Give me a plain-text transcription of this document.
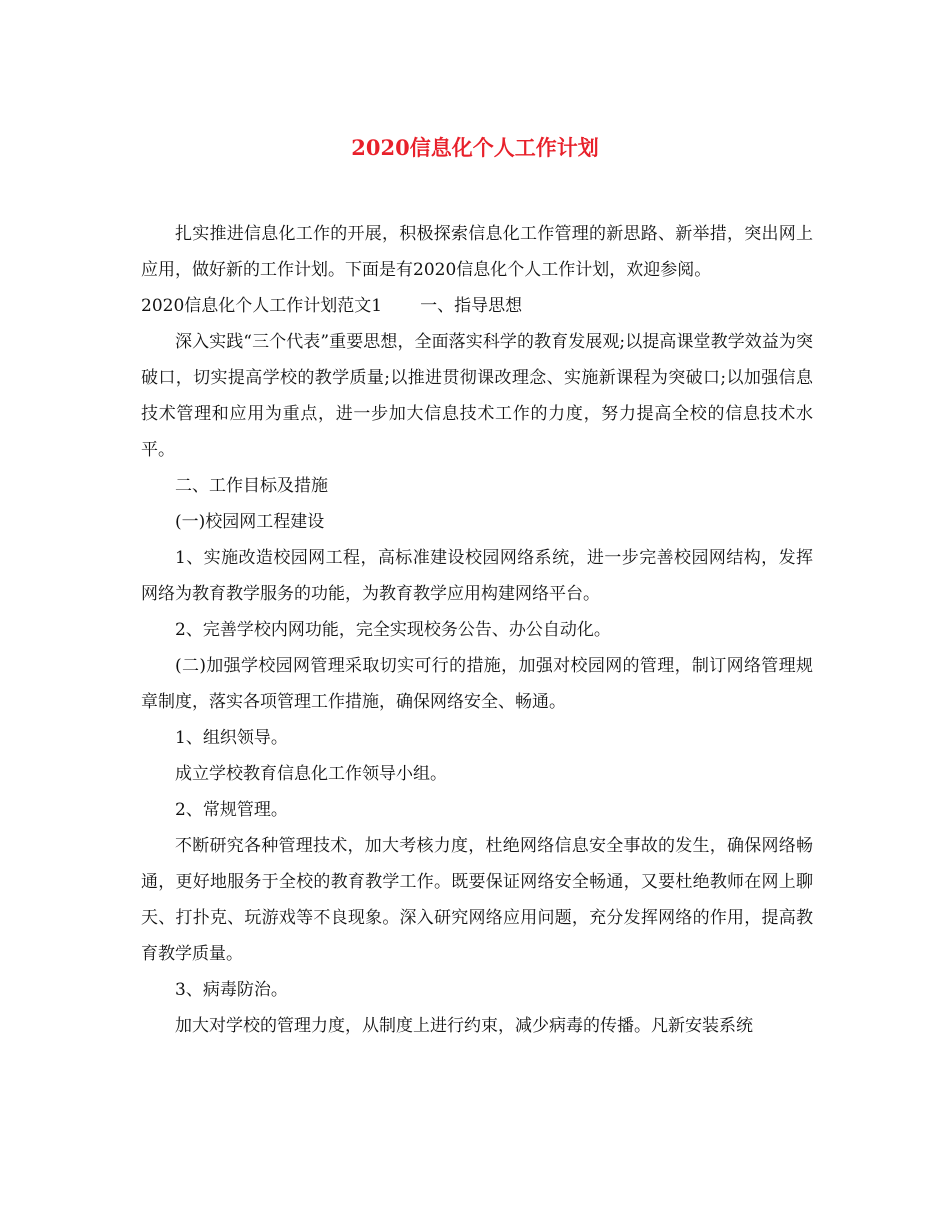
2020信息化个人工作计划

扎实推进信息化工作的开展，积极探索信息化工作管理的新思路、新举措，突出网上应用，做好新的工作计划。下面是有2020信息化个人工作计划，欢迎参阅。

2020信息化个人工作计划范文1 一、指导思想

深入实践“三个代表”重要思想，全面落实科学的教育发展观;以提高课堂教学效益为突破口，切实提高学校的教学质量;以推进贯彻课改理念、实施新课程为突破口;以加强信息技术管理和应用为重点，进一步加大信息技术工作的力度，努力提高全校的信息技术水平。

二、工作目标及措施

(一)校园网工程建设

1、实施改造校园网工程，高标准建设校园网络系统，进一步完善校园网结构，发挥网络为教育教学服务的功能，为教育教学应用构建网络平台。

2、完善学校内网功能，完全实现校务公告、办公自动化。

(二)加强学校园网管理采取切实可行的措施，加强对校园网的管理，制订网络管理规章制度，落实各项管理工作措施，确保网络安全、畅通。

1、组织领导。

成立学校教育信息化工作领导小组。

2、常规管理。

不断研究各种管理技术，加大考核力度，杜绝网络信息安全事故的发生，确保网络畅通，更好地服务于全校的教育教学工作。既要保证网络安全畅通，又要杜绝教师在网上聊天、打扑克、玩游戏等不良现象。深入研究网络应用问题，充分发挥网络的作用，提高教育教学质量。

3、病毒防治。

加大对学校的管理力度，从制度上进行约束，减少病毒的传播。凡新安装系统
